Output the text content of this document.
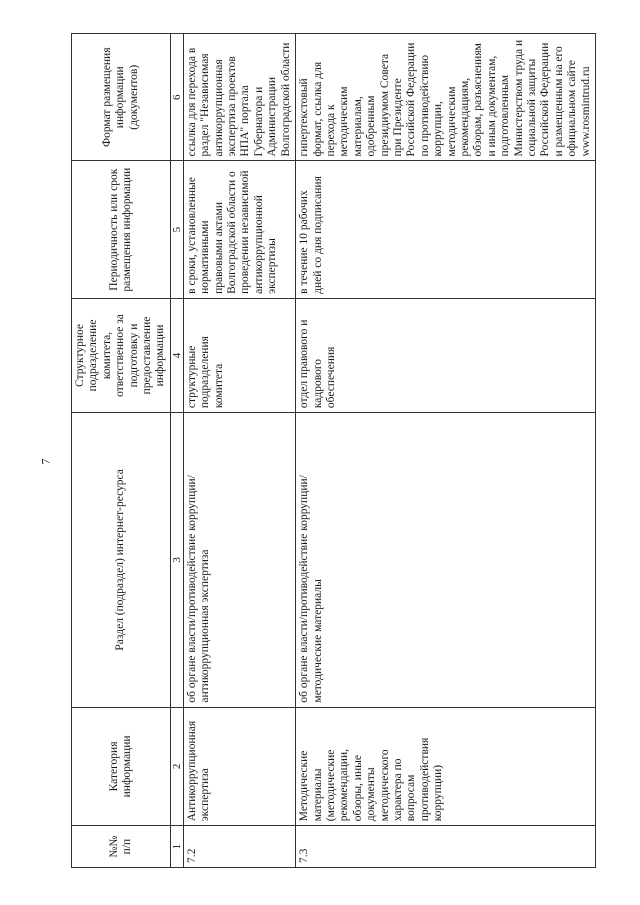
7
№№ п/п	Категория информации	Раздел (подраздел) интернет-ресурса	Структурное подразделение комитета, ответственное за подготовку и предоставление информации	Периодичность или срок размещения информации	Формат размещения информации (документов)
1	2	3	4	5	6
7.2	Антикоррупционная экспертиза	об органе власти/противодействие коррупции/антикоррупционная экспертиза	структурные подразделения комитета	в сроки, установленные нормативными правовыми актами Волгоградской области о проведении независимой антикоррупционной экспертизы	ссылка для перехода в раздел "Независимая антикоррупционная экспертиза проектов НПА" портала Губернатора и Администрации Волгоградской области
7.3	Методические материалы (методические рекомендации, обзоры, иные документы методического характера по вопросам противодействия коррупции)	об органе власти/противодействие коррупции/методические материалы	отдел правового и кадрового обеспечения	в течение 10 рабочих дней со дня подписания	гипертекстовый формат, ссылка для перехода к методическим материалам, одобренным президиумом Совета при Президенте Российской Федерации по противодействию коррупции, методическим рекомендациям, обзорам, разъяснениям и иным документам, подготовленным Министерством труда и социальной защиты Российской Федерации и размещенным на его официальном сайте www.rosmintrud.ru
